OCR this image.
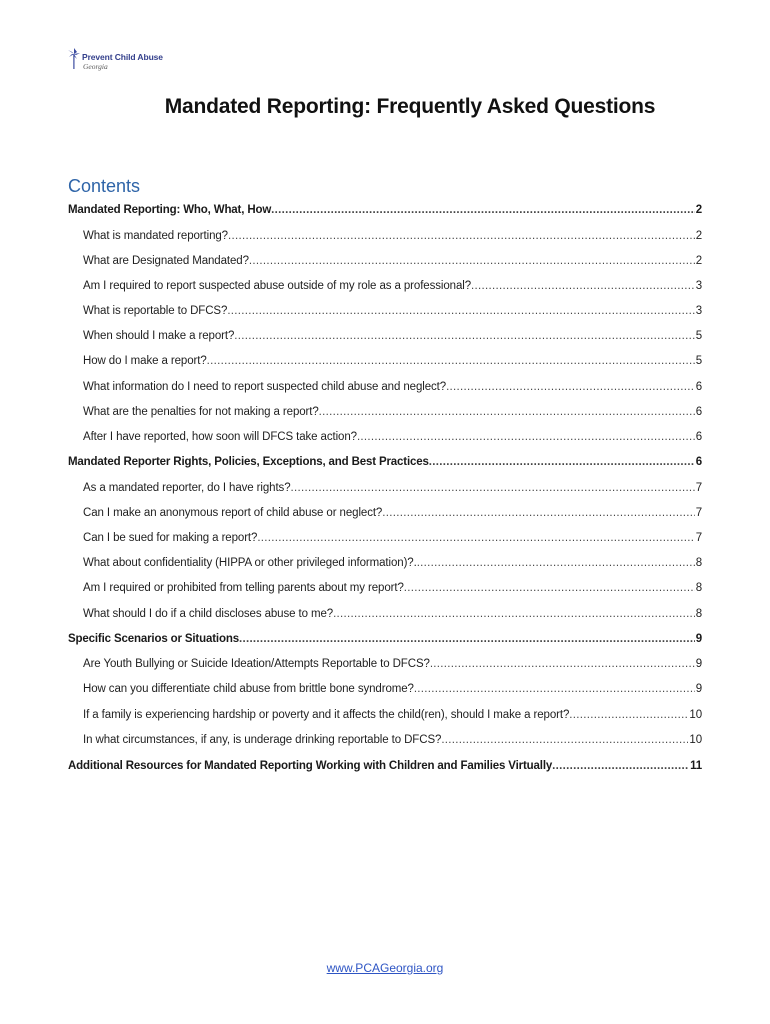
Prevent Child Abuse
Georgia
Mandated Reporting: Frequently Asked Questions
Contents
Mandated Reporting: Who, What, How .....	2
What is mandated reporting? .....	2
What are Designated Mandated? .....	2
Am I required to report suspected abuse outside of my role as a professional? .....	3
What is reportable to DFCS? .....	3
When should I make a report? .....	5
How do I make a report? .....	5
What information do I need to report suspected child abuse and neglect? .....	6
What are the penalties for not making a report? .....	6
After I have reported, how soon will DFCS take action? .....	6
Mandated Reporter Rights, Policies, Exceptions, and Best Practices .....	6
As a mandated reporter, do I have rights? .....	7
Can I make an anonymous report of child abuse or neglect? .....	7
Can I be sued for making a report? .....	7
What about confidentiality (HIPPA or other privileged information)?. .....	8
Am I required or prohibited from telling parents about my report? .....	8
What should I do if a child discloses abuse to me? .....	8
Specific Scenarios or Situations .....	9
Are Youth Bullying or Suicide Ideation/Attempts Reportable to DFCS? .....	9
How can you differentiate child abuse from brittle bone syndrome? .....	9
If a family is experiencing hardship or poverty and it affects the child(ren), should I make a report? .....	10
In what circumstances, if any, is underage drinking reportable to DFCS? .....	10
Additional Resources for Mandated Reporting Working with Children and Families Virtually .....	11
www.PCAGeorgia.org
